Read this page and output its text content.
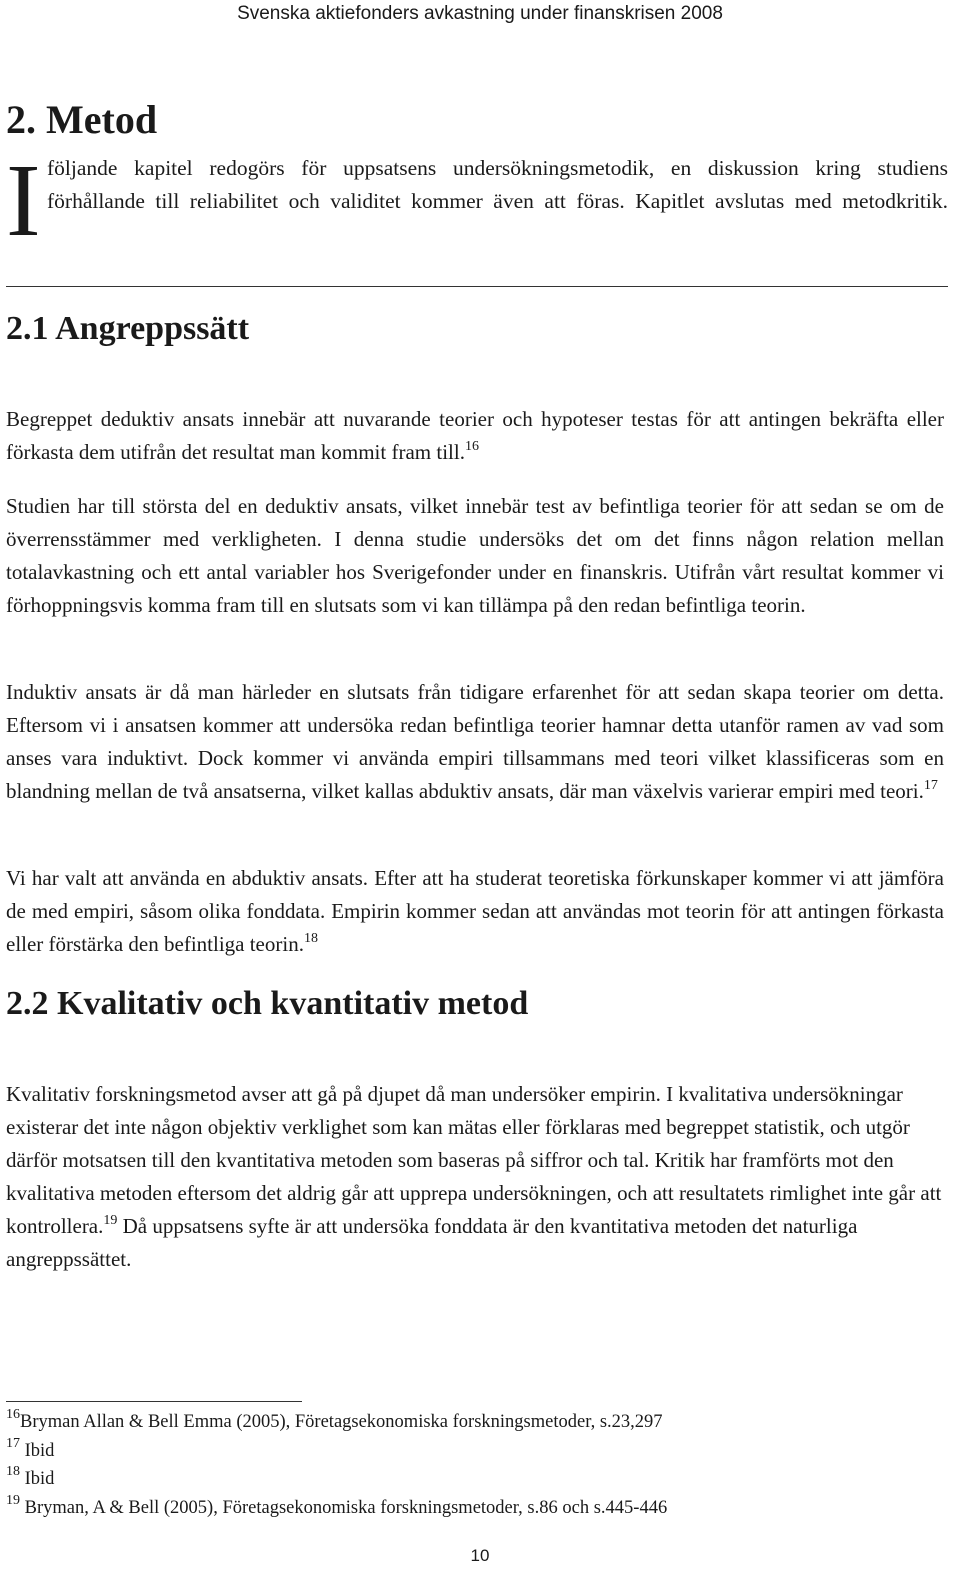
Svenska aktiefonders avkastning under finanskrisen 2008
2. Metod
I följande kapitel redogörs för uppsatsens undersökningsmetodik, en diskussion kring studiens förhållande till reliabilitet och validitet kommer även att föras. Kapitlet avslutas med metodkritik.
2.1 Angreppssätt

Begreppet deduktiv ansats innebär att nuvarande teorier och hypoteser testas för att antingen bekräfta eller förkasta dem utifrån det resultat man kommit fram till.$^{16}$

Studien har till största del en deduktiv ansats, vilket innebär test av befintliga teorier för att sedan se om de överrensstämmer med verkligheten. I denna studie undersöks det om det finns någon relation mellan totalavkastning och ett antal variabler hos Sverigefonder under en finanskris. Utifrån vårt resultat kommer vi förhoppningsvis komma fram till en slutsats som vi kan tillämpa på den redan befintliga teorin.

Induktiv ansats är då man härleder en slutsats från tidigare erfarenhet för att sedan skapa teorier om detta. Eftersom vi i ansatsen kommer att undersöka redan befintliga teorier hamnar detta utanför ramen av vad som anses vara induktivt. Dock kommer vi använda empiri tillsammans med teori vilket klassificeras som en blandning mellan de två ansatserna, vilket kallas abduktiv ansats, där man växelvis varierar empiri med teori.$^{17}$

Vi har valt att använda en abduktiv ansats. Efter att ha studerat teoretiska förkunskaper kommer vi att jämföra de med empiri, såsom olika fonddata. Empirin kommer sedan att användas mot teorin för att antingen förkasta eller förstärka den befintliga teorin.$^{18}$

2.2 Kvalitativ och kvantitativ metod

Kvalitativ forskningsmetod avser att gå på djupet då man undersöker empirin. I kvalitativa undersökningar existerar det inte någon objektiv verklighet som kan mätas eller förklaras med begreppet statistik, och utgör därför motsatsen till den kvantitativa metoden som baseras på siffror och tal. Kritik har framförts mot den kvalitativa metoden eftersom det aldrig går att upprepa undersökningen, och att resultatets rimlighet inte går att kontrollera.$^{19}$ Då uppsatsens syfte är att undersöka fonddata är den kvantitativa metoden det naturliga angreppssättet.

$^{16}$Bryman Allan & Bell Emma (2005), Företagsekonomiska forskningsmetoder, s.23,297
$^{17}$ Ibid
$^{18}$ Ibid
$^{19}$ Bryman, A & Bell (2005), Företagsekonomiska forskningsmetoder, s.86 och s.445-446
10
